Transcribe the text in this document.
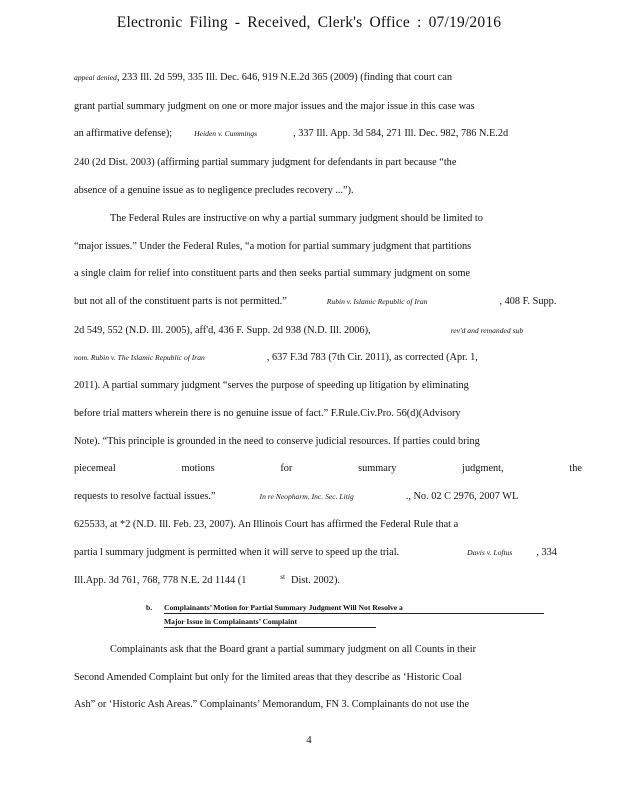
Electronic Filing - Received, Clerk's Office : 07/19/2016
appeal denied, 233 Ill. 2d 599, 335 Ill. Dec. 646, 919 N.E.2d 365 (2009) (finding that court can
grant partial summary judgment on one or more major issues and the major issue in this case was
an affirmative defense);	Heiden v. Cummings	, 337 Ill. App. 3d 584, 271 Ill. Dec. 982, 786 N.E.2d
240 (2d Dist. 2003) (affirming partial summary judgment for defendants in part because “the
absence of a genuine issue as to negligence precludes recovery ...”).
The Federal Rules are instructive on why a partial summary judgment should be limited to
“major issues.” Under the Federal Rules, “a motion for partial summary judgment that partitions
a single claim for relief into constituent parts and then seeks partial summary judgment on some
but not all of the constituent parts is not permitted.”	Rubin v. Islamic Republic of Iran	, 408 F. Supp.
2d 549, 552 (N.D. Ill. 2005), aff'd, 436 F. Supp. 2d 938 (N.D. Ill. 2006),	rev'd and remanded sub
nom. Rubin v. The Islamic Republic of Iran	, 637 F.3d 783 (7th Cir. 2011), as corrected (Apr. 1,
2011). A partial summary judgment “serves the purpose of speeding up litigation by eliminating
before trial matters wherein there is no genuine issue of fact.” F.Rule.Civ.Pro. 56(d)(Advisory
Note). “This principle is grounded in the need to conserve judicial resources. If parties could bring
piecemeal	motions	for	summary	judgment,	the
requests to resolve factual issues.”	In re Neopharm, Inc. Sec. Litig	., No. 02 C 2976, 2007 WL
625533, at *2 (N.D. Ill. Feb. 23, 2007). An Illinois Court has affirmed the Federal Rule that a
partia l summary judgment is permitted when it will serve to speed up the trial.	Davis v. Loftus , 334
Ill.App. 3d 761, 768, 778 N.E. 2d 1144 (1	$^{st}$ Dist. 2002).
b. Complainants’ Motion for Partial Summary Judgment Will Not Resolve a
Major Issue in Complainants’ Complaint
Complainants ask that the Board grant a partial summary judgment on all Counts in their
Second Amended Complaint but only for the limited areas that they describe as ‘Historic Coal
Ash” or ‘Historic Ash Areas.” Complainants’ Memorandum, FN 3. Complainants do not use the
4
